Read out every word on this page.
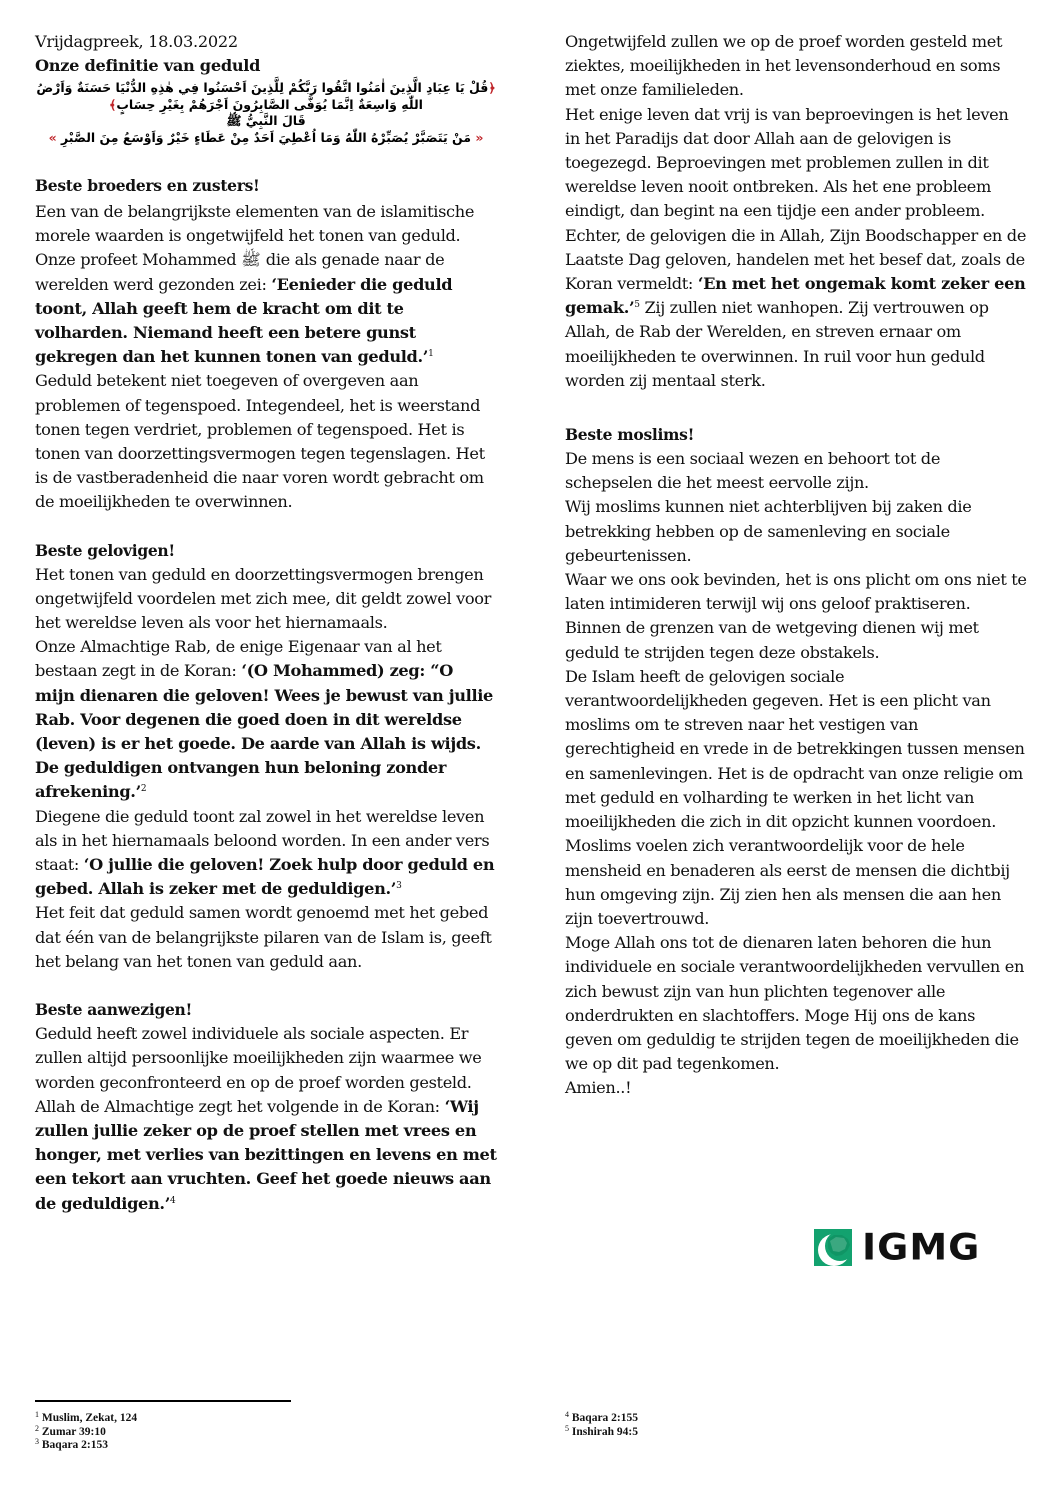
Vrijdagpreek, 18.03.2022

Onze definitie van geduld

﴿قُلْ يَا عِبَادِ الَّذِينَ اٰمَنُوا اتَّقُوا رَبَّكُمْ لِلَّذِينَ اَحْسَنُوا فِي هٰذِهِ الدُّنْيَا حَسَنَةٌ وَاَرْضُ

اللّٰهِ وَاسِعَةٌ اِنَّمَا يُوَفَّى الصَّابِرُونَ اَجْرَهُمْ بِغَيْرِ حِسَابٍ﴾

قَالَ النَّبِيُّ ﷺ

« مَنْ يَتَصَبَّرْ يُصَبِّرْهُ اللّٰهُ وَمَا اُعْطِيَ اَحَدٌ مِنْ عَطَاءٍ خَيْرٌ وَاَوْسَعُ مِنَ الصَّبْرِ »

Beste broeders en zusters!

Een van de belangrijkste elementen van de islamitische morele waarden is ongetwijfeld het tonen van geduld. Onze profeet Mohammed ﷺ die als genade naar de werelden werd gezonden zei: ‘Eenieder die geduld toont, Allah geeft hem de kracht om dit te volharden. Niemand heeft een betere gunst gekregen dan het kunnen tonen van geduld.’$^1$

Geduld betekent niet toegeven of overgeven aan problemen of tegenspoed. Integendeel, het is weerstand tonen tegen verdriet, problemen of tegenspoed. Het is tonen van doorzettingsvermogen tegen tegenslagen. Het is de vastberadenheid die naar voren wordt gebracht om de moeilijkheden te overwinnen.

Beste gelovigen!

Het tonen van geduld en doorzettingsvermogen brengen ongetwijfeld voordelen met zich mee, dit geldt zowel voor het wereldse leven als voor het hiernamaals.

Onze Almachtige Rab, de enige Eigenaar van al het bestaan zegt in de Koran: ‘(O Mohammed) zeg: “O mijn dienaren die geloven! Wees je bewust van jullie Rab. Voor degenen die goed doen in dit wereldse (leven) is er het goede. De aarde van Allah is wijds. De geduldigen ontvangen hun beloning zonder afrekening.’$^2$

Diegene die geduld toont zal zowel in het wereldse leven als in het hiernamaals beloond worden. In een ander vers staat: ‘O jullie die geloven! Zoek hulp door geduld en gebed. Allah is zeker met de geduldigen.’$^3$

Het feit dat geduld samen wordt genoemd met het gebed dat één van de belangrijkste pilaren van de Islam is, geeft het belang van het tonen van geduld aan.

Beste aanwezigen!

Geduld heeft zowel individuele als sociale aspecten. Er zullen altijd persoonlijke moeilijkheden zijn waarmee we worden geconfronteerd en op de proef worden gesteld. Allah de Almachtige zegt het volgende in de Koran: ‘Wij zullen jullie zeker op de proef stellen met vrees en honger, met verlies van bezittingen en levens en met een tekort aan vruchten. Geef het goede nieuws aan de geduldigen.’$^4$

Ongetwijfeld zullen we op de proef worden gesteld met ziektes, moeilijkheden in het levensonderhoud en soms met onze familieleden.

Het enige leven dat vrij is van beproevingen is het leven in het Paradijs dat door Allah aan de gelovigen is toegezegd. Beproevingen met problemen zullen in dit wereldse leven nooit ontbreken. Als het ene probleem eindigt, dan begint na een tijdje een ander probleem. Echter, de gelovigen die in Allah, Zijn Boodschapper en de Laatste Dag geloven, handelen met het besef dat, zoals de Koran vermeldt: ‘En met het ongemak komt zeker een gemak.’$^5$ Zij zullen niet wanhopen. Zij vertrouwen op Allah, de Rab der Werelden, en streven ernaar om moeilijkheden te overwinnen. In ruil voor hun geduld worden zij mentaal sterk.

Beste moslims!

De mens is een sociaal wezen en behoort tot de schepselen die het meest eervolle zijn.

Wij moslims kunnen niet achterblijven bij zaken die betrekking hebben op de samenleving en sociale gebeurtenissen.

Waar we ons ook bevinden, het is ons plicht om ons niet te laten intimideren terwijl wij ons geloof praktiseren. Binnen de grenzen van de wetgeving dienen wij met geduld te strijden tegen deze obstakels.

De Islam heeft de gelovigen sociale verantwoordelijkheden gegeven. Het is een plicht van moslims om te streven naar het vestigen van gerechtigheid en vrede in de betrekkingen tussen mensen en samenlevingen. Het is de opdracht van onze religie om met geduld en volharding te werken in het licht van moeilijkheden die zich in dit opzicht kunnen voordoen. Moslims voelen zich verantwoordelijk voor de hele mensheid en benaderen als eerst de mensen die dichtbij hun omgeving zijn. Zij zien hen als mensen die aan hen zijn toevertrouwd.

Moge Allah ons tot de dienaren laten behoren die hun individuele en sociale verantwoordelijkheden vervullen en zich bewust zijn van hun plichten tegenover alle onderdrukten en slachtoffers. Moge Hij ons de kans geven om geduldig te strijden tegen de moeilijkheden die we op dit pad tegenkomen.

Amien..!

IGMG
$^1$ Muslim, Zekat, 124
$^2$ Zumar 39:10
$^3$ Baqara 2:153
$^4$ Baqara 2:155
$^5$ Inshirah 94:5
